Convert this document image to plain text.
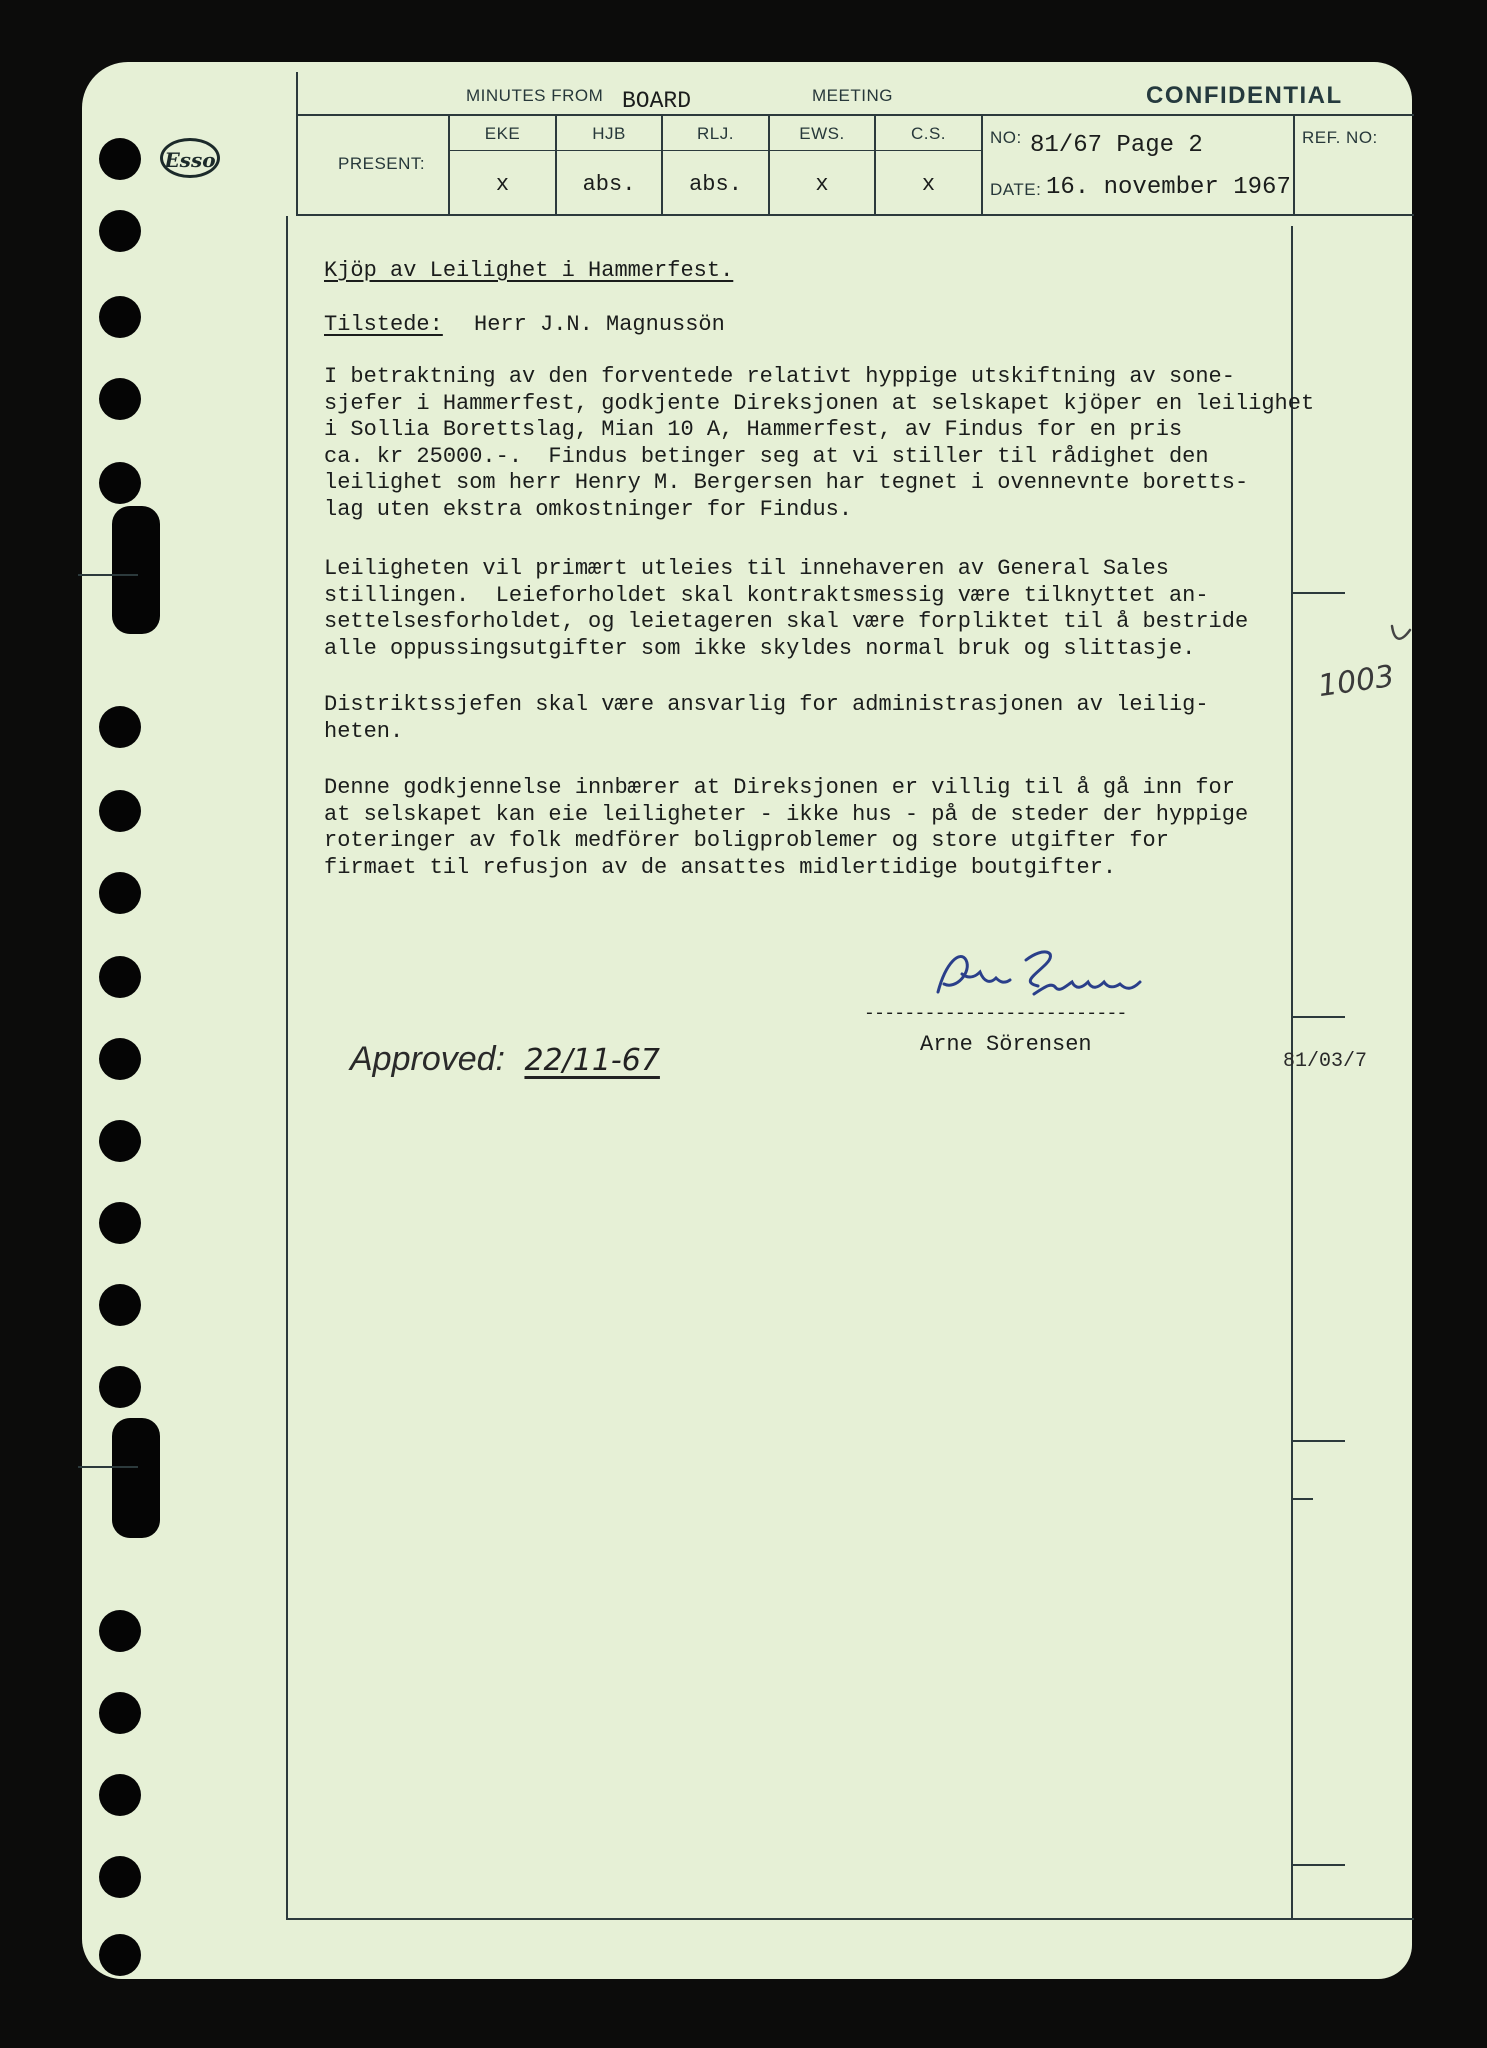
Esso
MINUTES FROM BOARD	MEETING	CONFIDENTIAL
PRESENT:
EKE	HJB	RLJ.	EWS.	C.S.
x	abs.	abs.	x	x
NO: 81/67 Page 2
DATE: 16. november 1967
REF. NO:
Kjöp av Leilighet i Hammerfest.
Tilstede: Herr J.N. Magnussön
I betraktning av den forventede relativt hyppige utskiftning av sone-
sjefer i Hammerfest, godkjente Direksjonen at selskapet kjöper en leilighet
i Sollia Borettslag, Mian 10 A, Hammerfest, av Findus for en pris
ca. kr 25000.-.  Findus betinger seg at vi stiller til rådighet den
leilighet som herr Henry M. Bergersen har tegnet i ovennevnte boretts-
lag uten ekstra omkostninger for Findus.
Leiligheten vil primært utleies til innehaveren av General Sales
stillingen.  Leieforholdet skal kontraktsmessig være tilknyttet an-
settelsesforholdet, og leietageren skal være forpliktet til å bestride
alle oppussingsutgifter som ikke skyldes normal bruk og slittasje.
Distriktssjefen skal være ansvarlig for administrasjonen av leilig-
heten.
Denne godkjennelse innbærer at Direksjonen er villig til å gå inn for
at selskapet kan eie leiligheter - ikke hus - på de steder der hyppige
roteringer av folk medförer boligproblemer og store utgifter for
firmaet til refusjon av de ansattes midlertidige boutgifter.
--------------------------
Arne Sörensen
Approved: 22/11-67
1003
81/03/7
